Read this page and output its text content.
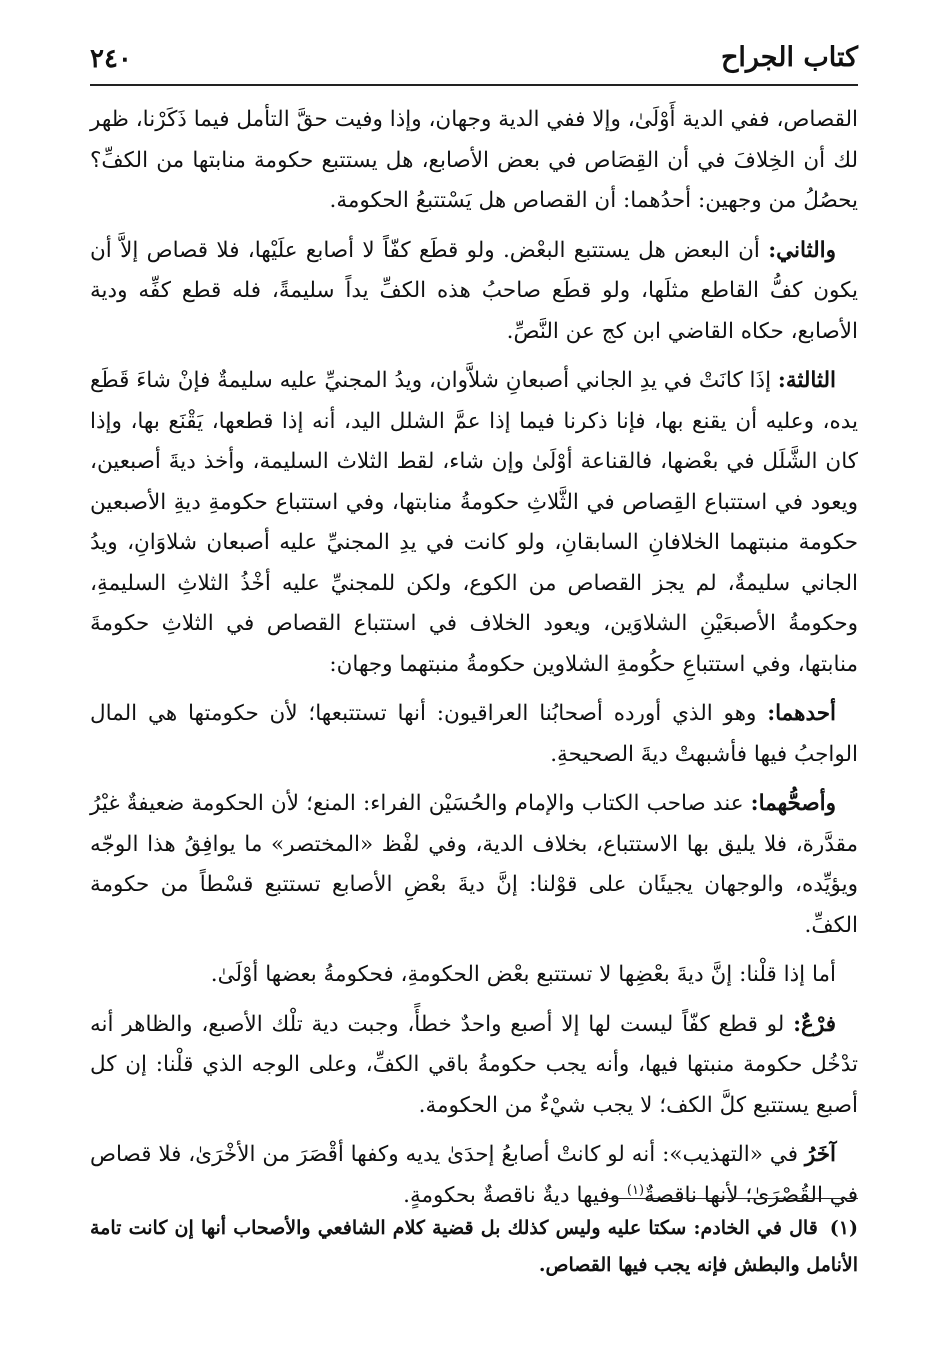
كتاب الجراح
٢٤٠

القصاص، ففي الدية أَوْلَىٰ، وإلا ففي الدية وجهان، وإذا وفيت حقَّ التأمل فيما ذَكَرْنا، ظهر لك أن الخِلافَ في أن القِصَاص في بعض الأصابع، هل يستتبع حكومة منابتها من الكفِّ؟ يحصُلُ من وجهين: أحدُهما: أن القصاص هل يَسْتتبعُ الحكومة.

والثاني: أن البعض هل يستتبع البعْض. ولو قطَع كفّاً لا أصابع علَيْها، فلا قصاص إلاَّ أن يكون كفُّ القاطع مثلَها، ولو قطَع صاحبُ هذه الكفِّ يداً سليمةً، فله قطع كفِّه ودية الأصابع، حكاه القاضي ابن كج عن النَّصِّ.

الثالثة: إذَا كانَتْ في يدِ الجاني أصبعانِ شلاَّوان، ويدُ المجنيِّ عليه سليمةٌ فإنْ شاءَ قَطَع يده، وعليه أن يقنع بها، فإنا ذكرنا فيما إذا عمَّ الشلل اليد، أنه إذا قطعها، يَقْنَع بها، وإذا كان الشَّلَل في بعْضها، فالقناعة أوْلَىٰ وإن شاء، لقط الثلاث السليمة، وأخذ ديةَ أصبعين، ويعود في استتباع القِصاص في الثَّلاثِ حكومةُ منابتها، وفي استتباع حكومةِ ديةِ الأصبعين حكومة منبتهما الخلافانِ السابقانِ، ولو كانت في يدِ المجنيِّ عليه أصبعان شلاوَانِ، ويدُ الجاني سليمةٌ، لم يجز القصاص من الكوع، ولكن للمجنيِّ عليه أخْذُ الثلاثِ السليمةِ، وحكومةُ الأصبعَيْنِ الشلاوَين، ويعود الخلاف في استتباع القصاص في الثلاثِ حكومةَ منابتها، وفي استتباعِ حكُومةِ الشلاوين حكومةُ منبتهما وجهان:

أحدهما: وهو الذي أورده أصحابُنا العراقيون: أنها تستتبعها؛ لأن حكومتها هي المال الواجبُ فيها فأشبهتْ ديةَ الصحيحةِ.

وأصحُّهما: عند صاحب الكتاب والإمام والحُسَيْن الفراء: المنع؛ لأن الحكومة ضعيفةٌ غيْرُ مقدَّرة، فلا يليق بها الاستتباع، بخلاف الدية، وفي لفْظ «المختصر» ما يوافِقُ هذا الوجّه ويؤيِّده، والوجهان يجيئَان على قوْلنا: إنَّ ديةَ بعْضِ الأصابع تستتبع قسْطاً من حكومة الكفِّ.

أما إذا قلْنا: إنَّ ديةَ بعْضِها لا تستتبع بعْض الحكومةِ، فحكومةُ بعضها أوْلَىٰ.

فرْعٌ: لو قطع كفّاً ليست لها إلا أصبع واحدٌ خطأً، وجبت دية تلْك الأصبع، والظاهر أنه تدْخُل حكومة منبتها فيها، وأنه يجب حكومةُ باقي الكفِّ، وعلى الوجه الذي قلْنا: إن كل أصبع يستتبع كلَّ الكف؛ لا يجب شيْءٌ من الحكومة.

آخَرُ في «التهذيب»: أنه لو كانتْ أصابعُ إحدَىٰ يديه وكفها أقْصَرَ من الأخْرَىٰ، فلا قصاص في القُصْرَىٰ؛ لأنها ناقصةٌ$^{(١)}$ وفيها ديةٌ ناقصةٌ بحكومةٍ.

(١)قال في الخادم: سكتا عليه وليس كذلك بل قضية كلام الشافعي والأصحاب أنها إن كانت تامة الأنامل والبطش فإنه يجب فيها القصاص.
